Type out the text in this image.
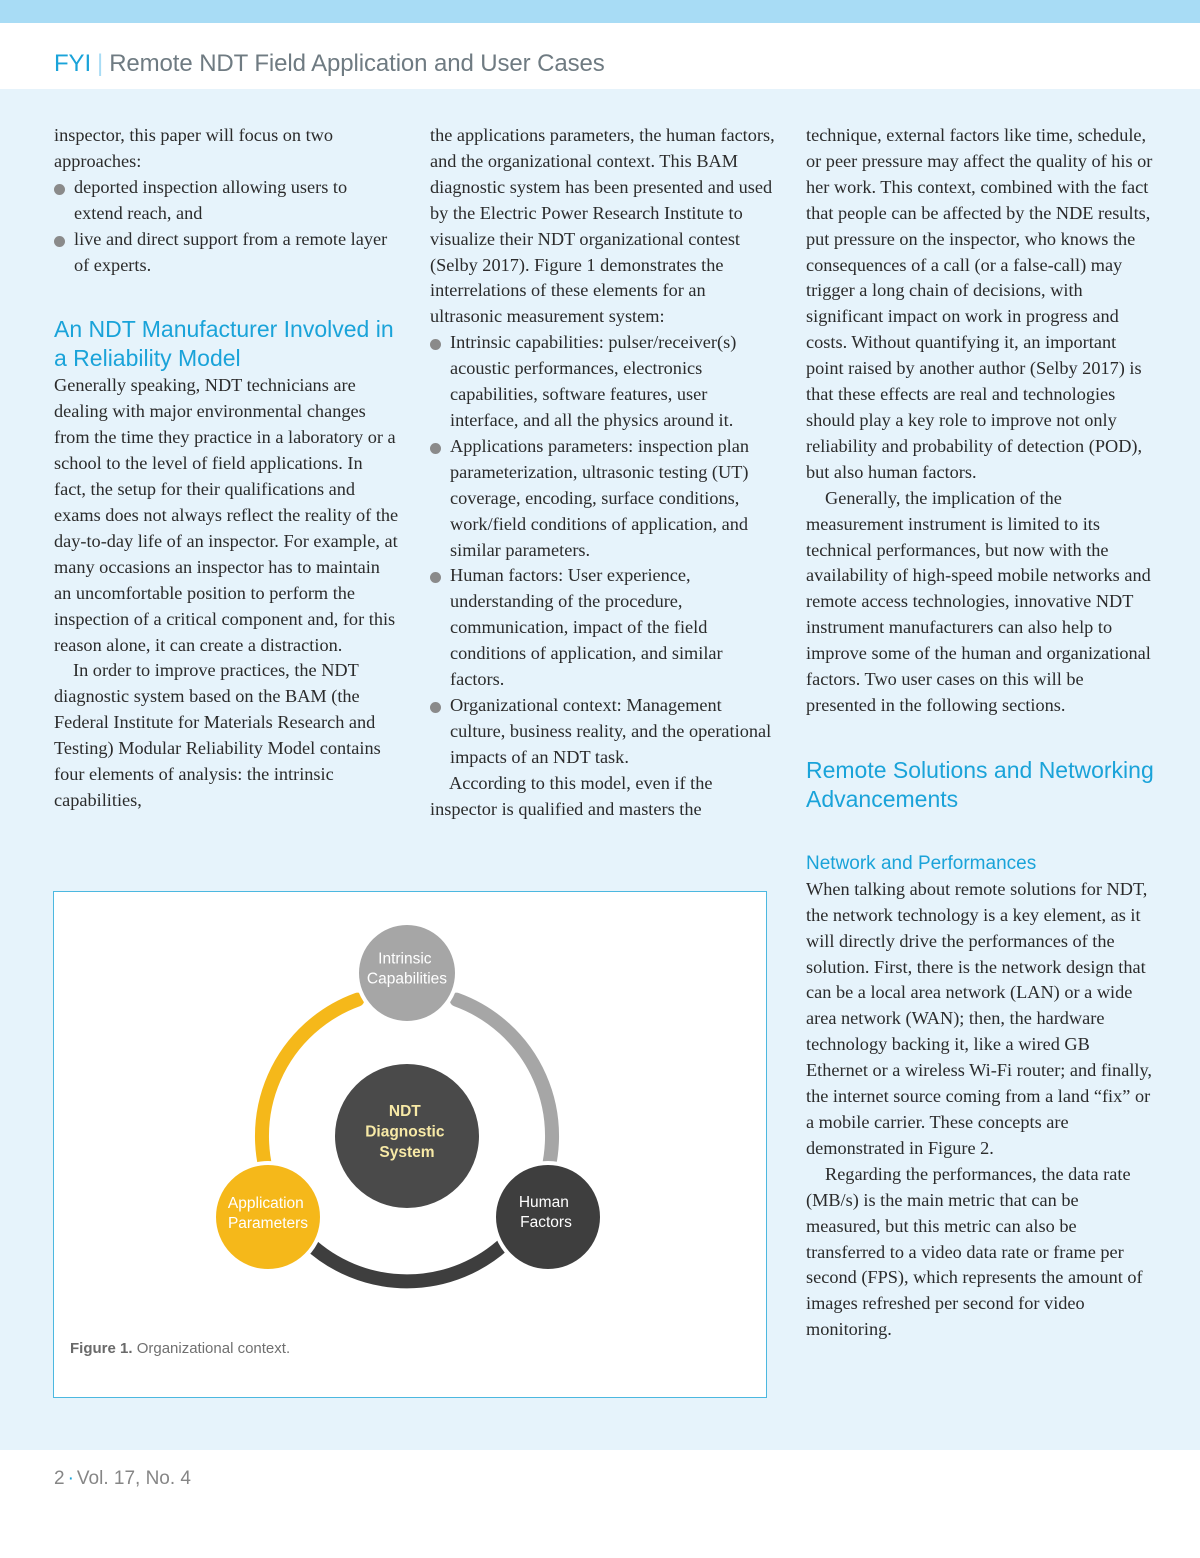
FYI | Remote NDT Field Application and User Cases

inspector, this paper will focus on two approaches:

deported inspection allowing users to extend reach, and
live and direct support from a remote layer of experts.
An NDT Manufacturer Involved in a Reliability Model

Generally speaking, NDT technicians are dealing with major environmental changes from the time they practice in a laboratory or a school to the level of field applications. In fact, the setup for their qualifications and exams does not always reflect the reality of the day-to-day life of an inspector. For example, at many occasions an inspector has to maintain an uncomfortable position to perform the inspection of a critical component and, for this reason alone, it can create a distraction.

In order to improve practices, the NDT diagnostic system based on the BAM (the Federal Institute for Materials Research and Testing) Modular Reliability Model contains four elements of analysis: the intrinsic capabilities,

the applications parameters, the human factors, and the organizational context. This BAM diagnostic system has been presented and used by the Electric Power Research Institute to visualize their NDT organizational contest (Selby 2017). Figure 1 demonstrates the interrelations of these elements for an ultrasonic measurement system:

Intrinsic capabilities: pulser/receiver(s) acoustic performances, electronics capabilities, software features, user interface, and all the physics around it.
Applications parameters: inspection plan parameterization, ultrasonic testing (UT) coverage, encoding, surface conditions, work/field conditions of application, and similar parameters.
Human factors: User experience, understanding of the procedure, communication, impact of the field conditions of application, and similar factors.
Organizational context: Management culture, business reality, and the operational impacts of an NDT task.

According to this model, even if the inspector is qualified and masters the

technique, external factors like time, schedule, or peer pressure may affect the quality of his or her work. This context, combined with the fact that people can be affected by the NDE results, put pressure on the inspector, who knows the consequences of a call (or a false-call) may trigger a long chain of decisions, with significant impact on work in progress and costs. Without quantifying it, an important point raised by another author (Selby 2017) is that these effects are real and technologies should play a key role to improve not only reliability and probability of detection (POD), but also human factors.

Generally, the implication of the measurement instrument is limited to its technical performances, but now with the availability of high-speed mobile networks and remote access technologies, innovative NDT instrument manufacturers can also help to improve some of the human and organizational factors. Two user cases on this will be presented in the following sections.

Remote Solutions and Networking Advancements
Network and Performances

When talking about remote solutions for NDT, the network technology is a key element, as it will directly drive the performances of the solution. First, there is the network design that can be a local area network (LAN) or a wide area network (WAN); then, the hardware technology backing it, like a wired GB Ethernet or a wireless Wi-Fi router; and finally, the internet source coming from a land “fix” or a mobile carrier. These concepts are demonstrated in Figure 2.

Regarding the performances, the data rate (MB/s) is the main metric that can be measured, but this metric can also be transferred to a video data rate or frame per second (FPS), which represents the amount of images refreshed per second for video monitoring.

NDT Diagnostic System
Intrinsic Capabilities
Human Factors
Application Parameters
Figure 1. Organizational context.
2 · Vol. 17, No. 4
